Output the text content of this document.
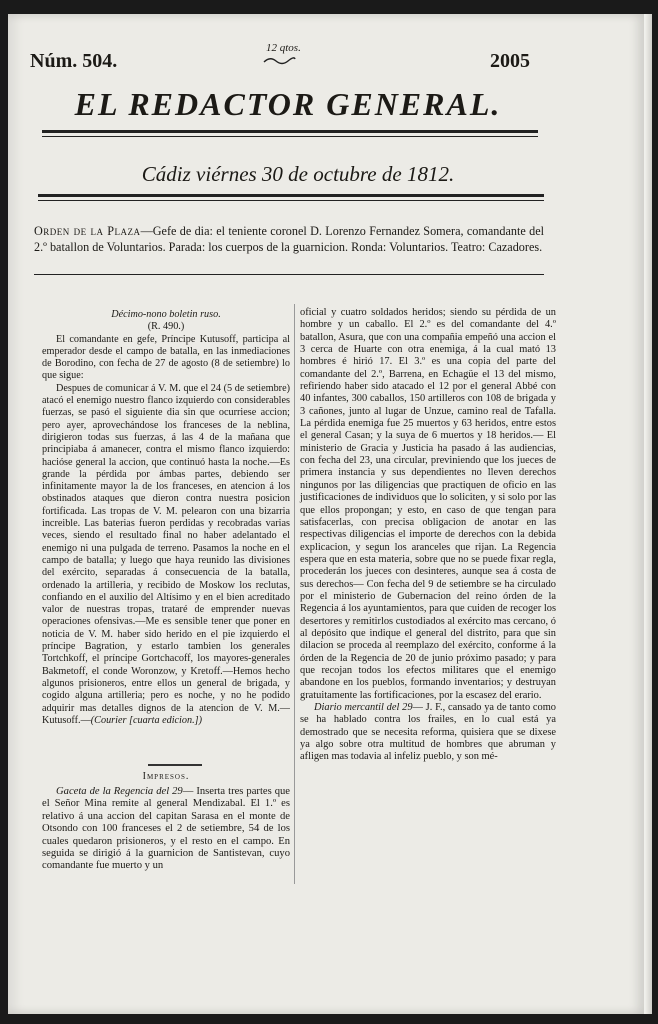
Núm. 504.
12 qtos.
2005
EL REDACTOR GENERAL.
Cádiz viérnes 30 de octubre de 1812.
Orden de la Plaza—Gefe de dia: el teniente coronel D. Lorenzo Fernandez Somera, comandante del 2.º batallon de Voluntarios. Parada: los cuerpos de la guarnicion. Ronda: Voluntarios. Teatro: Cazadores.

Décimo-nono boletin ruso.

(R. 490.)

El comandante en gefe, Príncipe Kutusoff, participa al emperador desde el campo de batalla, en las inmediaciones de Borodino, con fecha de 27 de agosto (8 de setiembre) lo que sigue:

Despues de comunicar á V. M. que el 24 (5 de setiembre) atacó el enemigo nuestro flanco izquierdo con considerables fuerzas, se pasó el siguiente dia sin que ocurriese accion; pero ayer, aprovechándose los franceses de la neblina, dirigieron todas sus fuerzas, á las 4 de la mañana que principiaba á amanecer, contra el mismo flanco izquierdo: hacióse general la accion, que continuó hasta la noche.—Es grande la pérdida por ámbas partes, debiendo ser infinitamente mayor la de los franceses, en atencion á los obstinados ataques que dieron contra nuestra posicion fortificada. Las tropas de V. M. pelearon con una bizarria increible. Las baterias fueron perdidas y recobradas varias veces, siendo el resultado final no haber adelantado el enemigo ni una pulgada de terreno. Pasamos la noche en el campo de batalla; y luego que haya reunido las divisiones del exército, separadas á consecuencia de la batalla, ordenado la artilleria, y recibido de Moskow los reclutas, confiando en el auxilio del Altísimo y en el bien acreditado valor de nuestras tropas, trataré de emprender nuevas operaciones ofensivas.—Me es sensible tener que poner en noticia de V. M. haber sido herido en el pie izquierdo el príncipe Bagration, y estarlo tambien los generales Tortchkoff, el príncipe Gortchacoff, los mayores-generales Bakmetoff, el conde Woronzow, y Kretoff.—Hemos hecho algunos prisioneros, entre ellos un general de brigada, y cogido alguna artilleria; pero es noche, y no he podido adquirir mas detalles dignos de la atencion de V. M.—Kutusoff.—(Courier [cuarta edicion.])

Impresos.

Gaceta de la Regencia del 29— Inserta tres partes que el Señor Mina remite al general Mendizabal. El 1.º es relativo á una accion del capitan Sarasa en el monte de Otsondo con 100 franceses el 2 de setiembre, 54 de los cuales quedaron prisioneros, y el resto en el campo. En seguida se dirigió á la guarnicion de Santistevan, cuyo comandante fue muerto y un

oficial y cuatro soldados heridos; siendo su pérdida de un hombre y un caballo. El 2.º es del comandante del 4.º batallon, Asura, que con una compañia empeñó una accion el 3 cerca de Huarte con otra enemiga, á la cual mató 13 hombres é hirió 17. El 3.º es una copia del parte del comandante del 2.º, Barrena, en Echagüe el 13 del mismo, refiriendo haber sido atacado el 12 por el general Abbé con 40 infantes, 300 caballos, 150 artilleros con 108 de brigada y 3 cañones, junto al lugar de Unzue, camino real de Tafalla. La pérdida enemiga fue 25 muertos y 63 heridos, entre estos el general Casan; y la suya de 6 muertos y 18 heridos.— El ministerio de Gracia y Justicia ha pasado á las audiencias, con fecha del 23, una circular, previniendo que los jueces de primera instancia y sus dependientes no lleven derechos ningunos por las diligencias que practiquen de oficio en las justificaciones de individuos que lo soliciten, y si solo por las que ellos propongan; y esto, en caso de que tengan para satisfacerlas, con precisa obligacion de anotar en las respectivas diligencias el importe de derechos con la debida explicacion, y segun los aranceles que rijan. La Regencia espera que en esta materia, sobre que no se puede fixar regla, procederán los jueces con desinteres, aunque sea á costa de sus derechos— Con fecha del 9 de setiembre se ha circulado por el ministerio de Gubernacion del reino órden de la Regencia á los ayuntamientos, para que cuiden de recoger los desertores y remitirlos custodiados al exército mas cercano, ó al depósito que indique el general del distrito, para que sin dilacion se proceda al reemplazo del exército, conforme á la órden de la Regencia de 20 de junio próximo pasado; y para que recojan todos los efectos militares que el enemigo abandone en los pueblos, formando inventarios; y destruyan gratuitamente las fortificaciones, por la escasez del erario.

Diario mercantil del 29— J. F., cansado ya de tanto como se ha hablado contra los frailes, en lo cual está ya demostrado que se necesita reforma, quisiera que se dixese ya algo sobre otra multitud de hombres que abruman y afligen mas todavia al infeliz pueblo, y son mé-
